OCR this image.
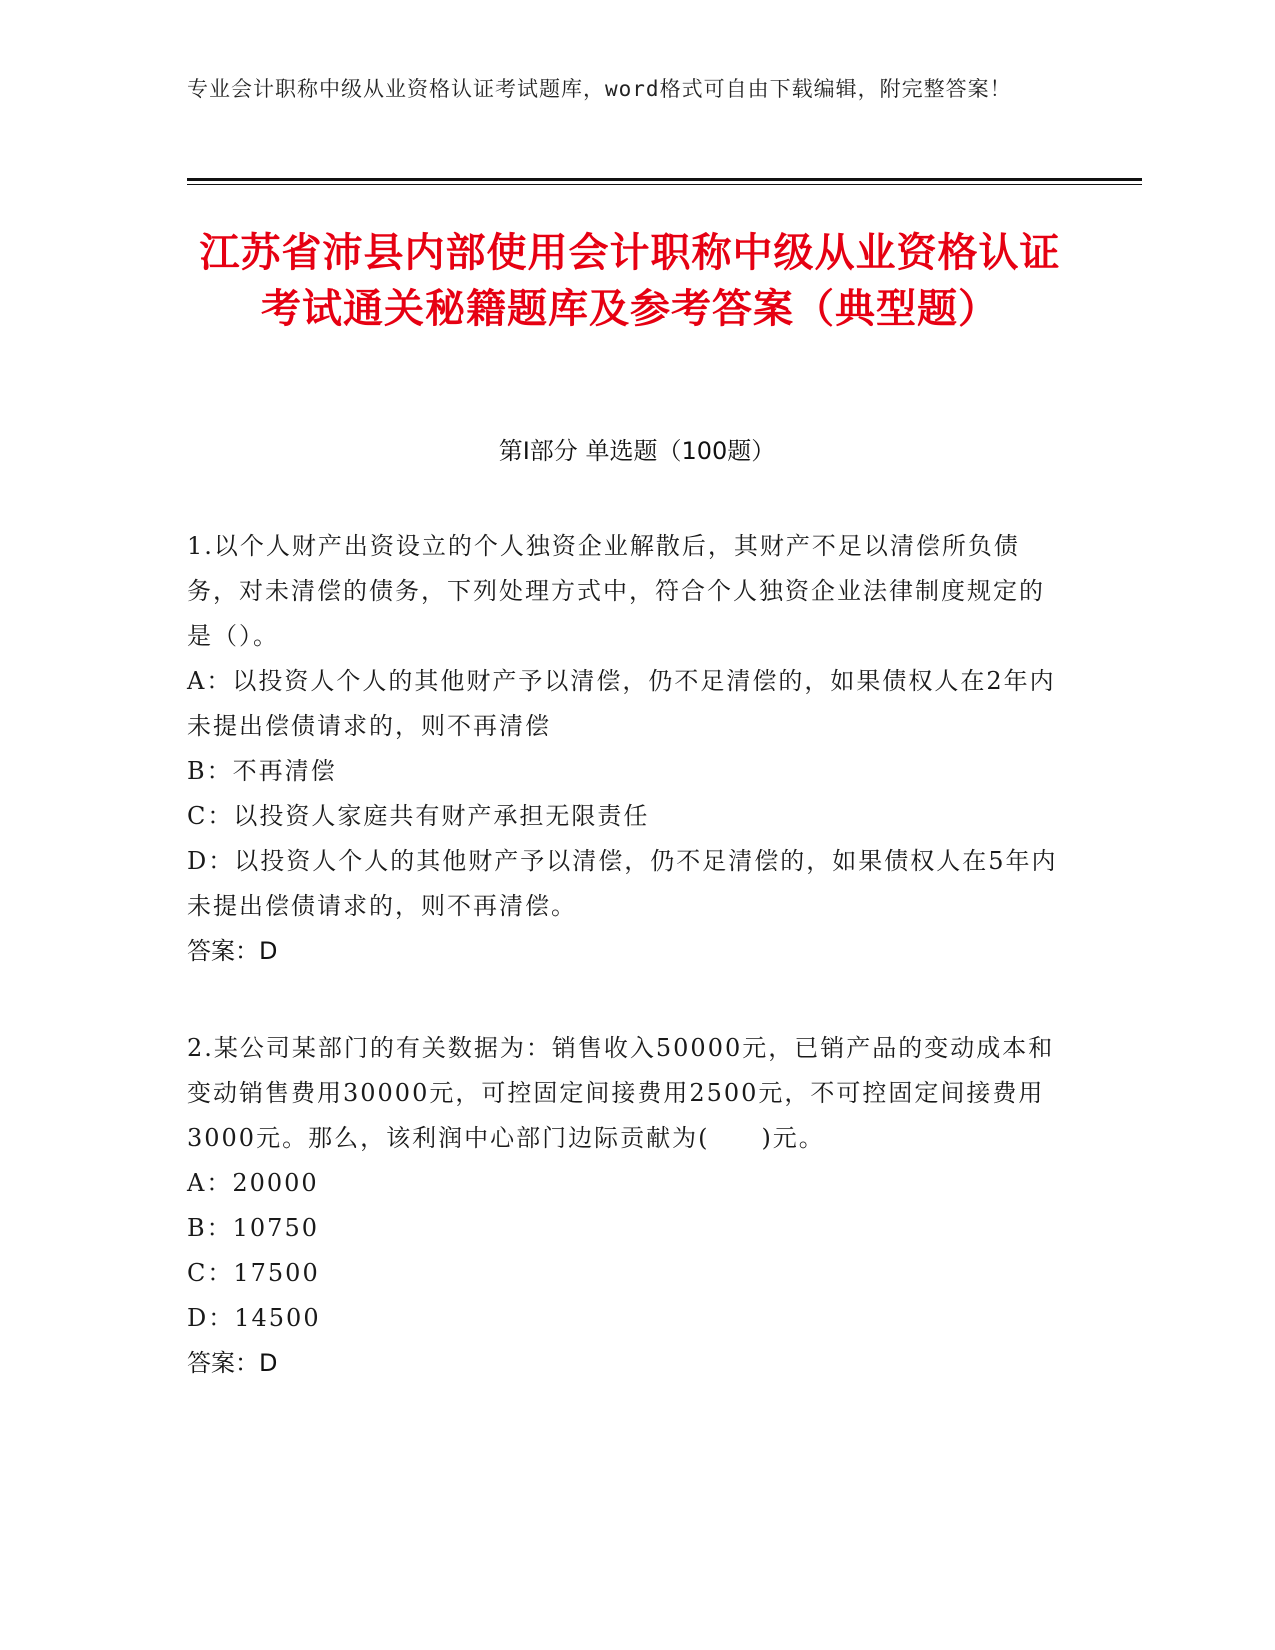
专业会计职称中级从业资格认证考试题库，word格式可自由下载编辑，附完整答案！
江苏省沛县内部使用会计职称中级从业资格认证考试通关秘籍题库及参考答案（典型题）
第Ⅰ部分 单选题（100题）

1.以个人财产出资设立的个人独资企业解散后，其财产不足以清偿所负债务，对未清偿的债务，下列处理方式中，符合个人独资企业法律制度规定的是（）。

A：以投资人个人的其他财产予以清偿，仍不足清偿的，如果债权人在2年内未提出偿债请求的，则不再清偿

B：不再清偿

C：以投资人家庭共有财产承担无限责任

D：以投资人个人的其他财产予以清偿，仍不足清偿的，如果债权人在5年内未提出偿债请求的，则不再清偿。

答案：D

2.某公司某部门的有关数据为：销售收入50000元，已销产品的变动成本和变动销售费用30000元，可控固定间接费用2500元，不可控固定间接费用3000元。那么，该利润中心部门边际贡献为(　　)元。

A：20000

B：10750

C：17500

D：14500

答案：D
